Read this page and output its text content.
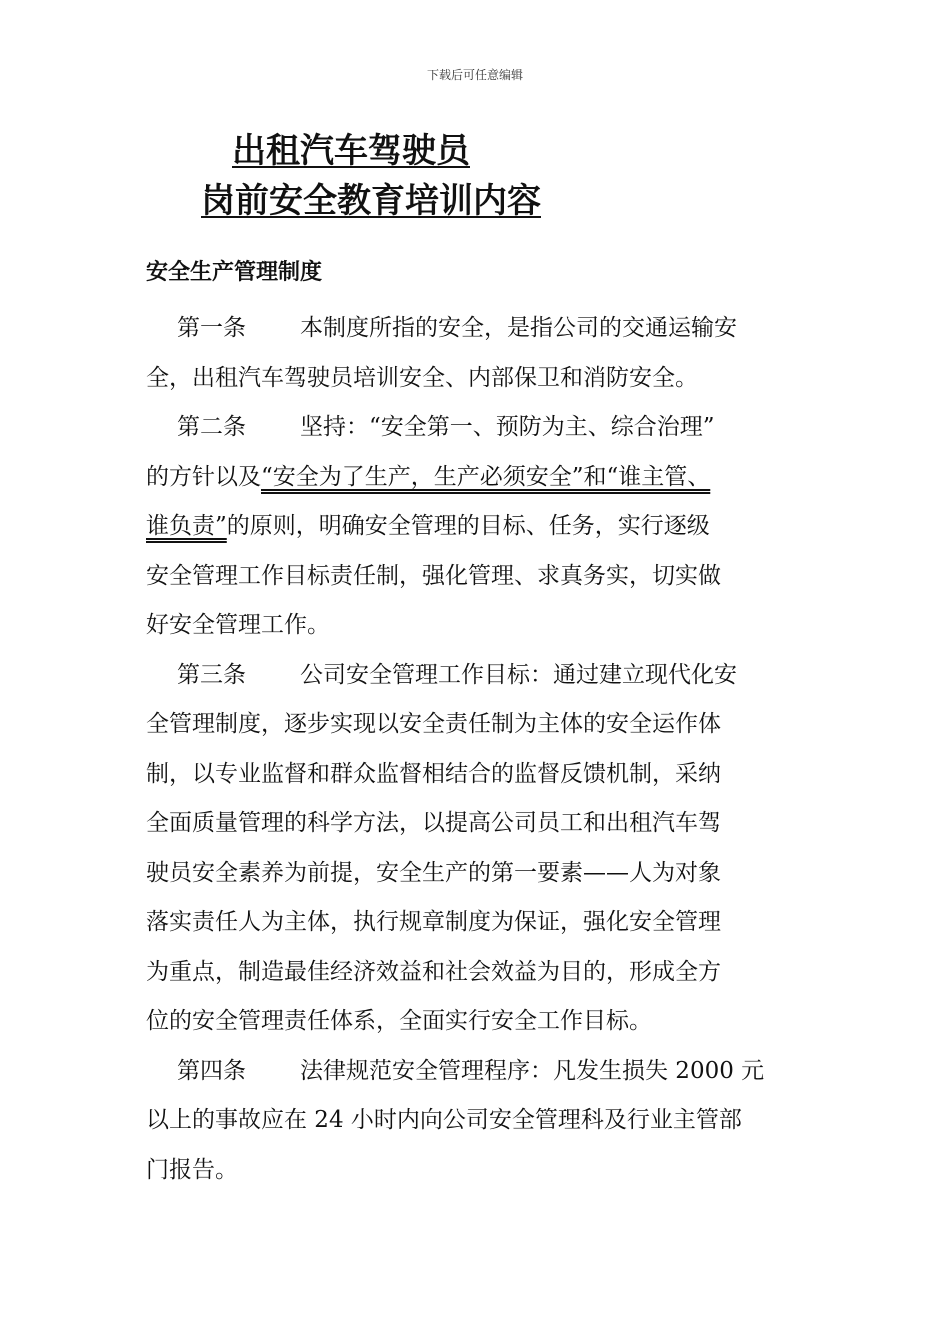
下载后可任意编辑
出租汽车驾驶员
岗前安全教育培训内容
安全生产管理制度
第一条 本制度所指的安全，是指公司的交通运输安
全，出租汽车驾驶员培训安全、内部保卫和消防安全。
第二条 坚持：“安全第一、预防为主、综合治理”
的方针以及“安全为了生产，生产必须安全”和“谁主管、
谁负责”的原则，明确安全管理的目标、任务，实行逐级
安全管理工作目标责任制，强化管理、求真务实，切实做
好安全管理工作。
第三条 公司安全管理工作目标：通过建立现代化安
全管理制度，逐步实现以安全责任制为主体的安全运作体
制，以专业监督和群众监督相结合的监督反馈机制，采纳
全面质量管理的科学方法，以提高公司员工和出租汽车驾
驶员安全素养为前提，安全生产的第一要素——人为对象
落实责任人为主体，执行规章制度为保证，强化安全管理
为重点，制造最佳经济效益和社会效益为目的，形成全方
位的安全管理责任体系，全面实行安全工作目标。
第四条 法律规范安全管理程序：凡发生损失 2000 元
以上的事故应在 24 小时内向公司安全管理科及行业主管部
门报告。
